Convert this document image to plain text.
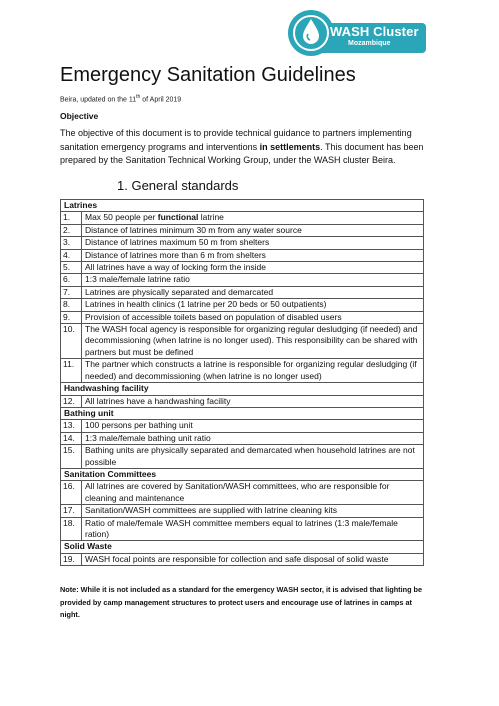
WASH Cluster
Mozambique
Emergency Sanitation Guidelines
Beira, updated on the 11th of April 2019
Objective
The objective of this document is to provide technical guidance to partners implementing sanitation emergency programs and interventions in settlements. This document has been prepared by the Sanitation Technical Working Group, under the WASH cluster Beira.
1. General standards
Latrines	
1.	Max 50 people per functional latrine
2.	Distance of latrines minimum 30 m from any water source
3.	Distance of latrines maximum 50 m from shelters
4.	Distance of latrines more than 6 m from shelters
5.	All latrines have a way of locking form the inside
6.	1:3 male/female latrine ratio
7.	Latrines are physically separated and demarcated
8.	Latrines in health clinics (1 latrine per 20 beds or 50 outpatients)
9.	Provision of accessible toilets based on population of disabled users
10.	The WASH focal agency is responsible for organizing regular desludging (if needed) and decommissioning (when latrine is no longer used). This responsibility can be shared with partners but must be defined
11.	The partner which constructs a latrine is responsible for organizing regular desludging (if needed) and decommissioning (when latrine is no longer used)
Handwashing facility	
12.	All latrines have a handwashing facility
Bathing unit	
13.	100 persons per bathing unit
14.	1:3 male/female bathing unit ratio
15.	Bathing units are physically separated and demarcated when household latrines are not possible
Sanitation Committees	
16.	All latrines are covered by Sanitation/WASH committees, who are responsible for cleaning and maintenance
17.	Sanitation/WASH committees are supplied with latrine cleaning kits
18.	Ratio of male/female WASH committee members equal to latrines (1:3 male/female ration)
Solid Waste	
19.	WASH focal points are responsible for collection and safe disposal of solid waste
Note: While it is not included as a standard for the emergency WASH sector, it is advised that lighting be provided by camp management structures to protect users and encourage use of latrines in camps at night.
